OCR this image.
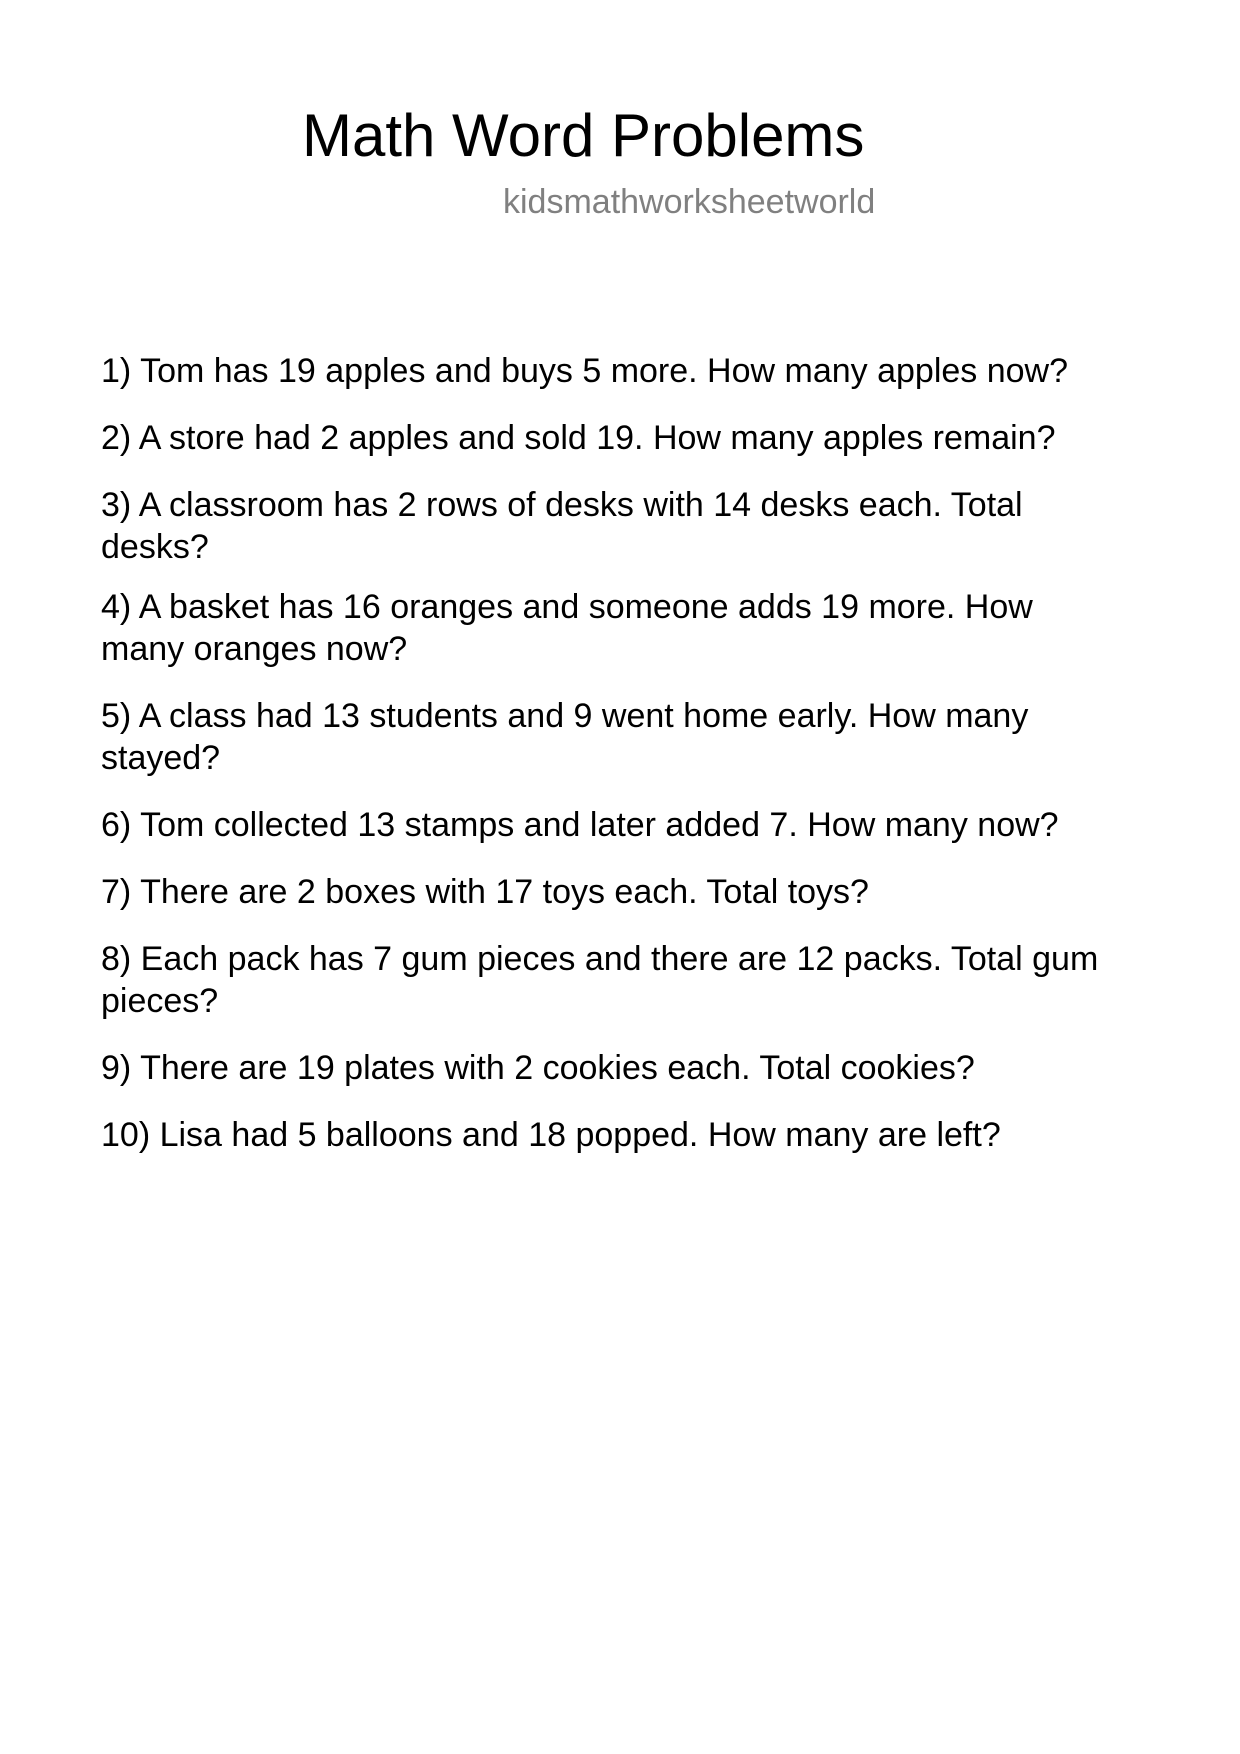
Math Word Problems
kidsmathworksheetworld
1) Tom has 19 apples and buys 5 more. How many apples now?
2) A store had 2 apples and sold 19. How many apples remain?
3) A classroom has 2 rows of desks with 14 desks each. Total desks?
4) A basket has 16 oranges and someone adds 19 more. How many oranges now?
5) A class had 13 students and 9 went home early. How many stayed?
6) Tom collected 13 stamps and later added 7. How many now?
7) There are 2 boxes with 17 toys each. Total toys?
8) Each pack has 7 gum pieces and there are 12 packs. Total gum pieces?
9) There are 19 plates with 2 cookies each. Total cookies?
10) Lisa had 5 balloons and 18 popped. How many are left?
